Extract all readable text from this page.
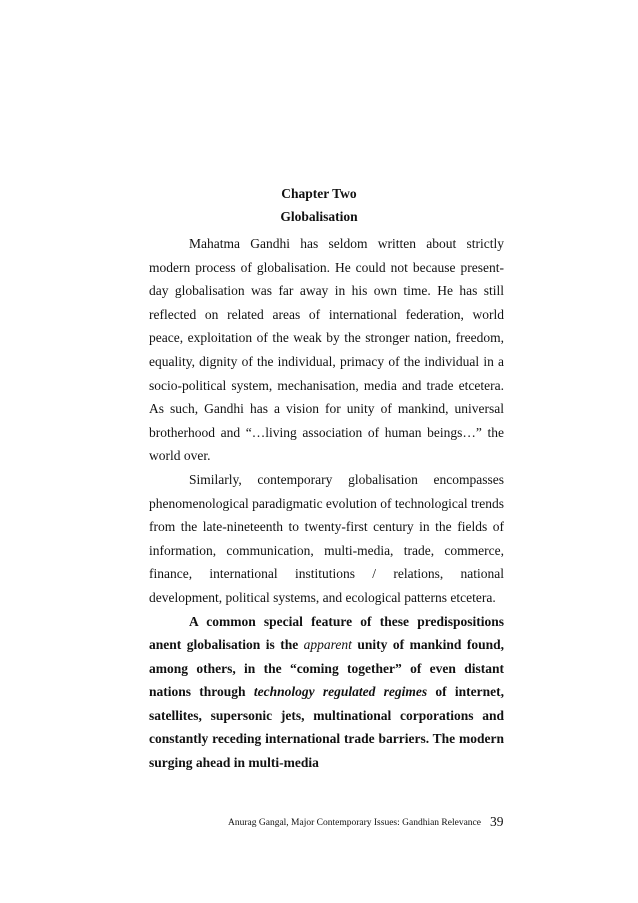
Chapter Two
Globalisation

Mahatma Gandhi has seldom written about strictly modern process of globalisation. He could not because present-day globalisation was far away in his own time. He has still reflected on related areas of international federation, world peace, exploitation of the weak by the stronger nation, freedom, equality, dignity of the individual, primacy of the individual in a socio-political system, mechanisation, media and trade etcetera. As such, Gandhi has a vision for unity of mankind, universal brotherhood and “…living association of human beings…” the world over.

Similarly, contemporary globalisation encompasses phenomenological paradigmatic evolution of technological trends from the late-nineteenth to twenty-first century in the fields of information, communication, multi-media, trade, commerce, finance, international institutions / relations, national development, political systems, and ecological patterns etcetera.

A common special feature of these predispositions anent globalisation is the apparent unity of mankind found, among others, in the “coming together” of even distant nations through technology regulated regimes of internet, satellites, supersonic jets, multinational corporations and constantly receding international trade barriers. The modern surging ahead in multi-media

Anurag Gangal, Major Contemporary Issues: Gandhian Relevance 39
